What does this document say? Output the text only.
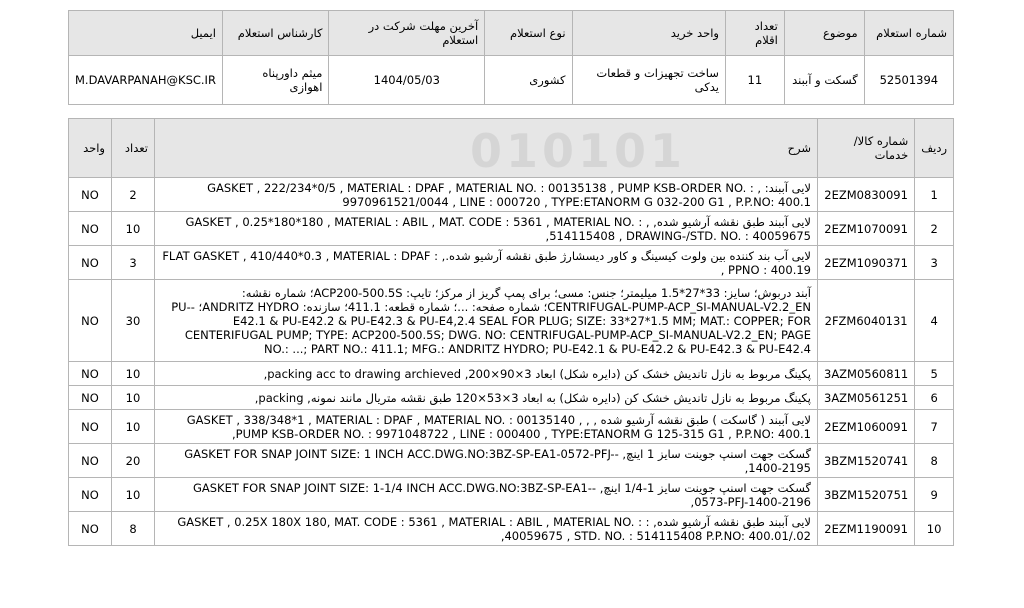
شماره استعلام	موضوع	تعداد اقلام	واحد خرید	نوع استعلام	آخرین مهلت شرکت در استعلام	کارشناس استعلام	ایمیل
52501394	گسکت و آببند	11	ساخت تجهیزات و قطعات یدکی	کشوری	1404/05/03	میثم داورپناه اهوازی	M.DAVARPANAH@KSC.IR
ردیف	شماره کالا/خدمات	شرح	تعداد	واحد
1	2EZM0830091	لایی آببند: , GASKET , 222/234*0/5 , MATERIAL : DPAF , MATERIAL NO. : 00135138 , PUMP KSB-ORDER NO. : 9970961521/0044 , LINE : 000720 , TYPE:ETANORM G 032-200 G1 , P.P.NO: 400.1	2	NO
2	2EZM1070091	لایی آببند طبق نقشه آرشیو شده, , GASKET , 0.25*180*180 , MATERIAL : ABIL , MAT. CODE : 5361 , MATERIAL NO. : 514115408 , DRAWING-/STD. NO. : 40059675,	10	NO
3	2EZM1090371	لایی آب بند کننده بین ولوت کیسینگ و کاور دیسشارژ طبق نقشه آرشیو شده., : FLAT GASKET , 410/440*0.3 , MATERIAL : DPAF , PPNO : 400.19	3	NO
4	2FZM6040131	آبند دربوش؛ سایز: 33*27*1.5 میلیمتر؛ جنس: مسی؛ برای پمپ گریز از مرکز؛ تایپ: ACP200-500.5S؛ شماره نقشه: CENTRIFUGAL-PUMP-ACP_SI-MANUAL-V2.2_EN؛ شماره صفحه: ...؛ شماره قطعه: 411.1؛ سازنده: ANDRITZ HYDRO؛ -PU-E42.1 & PU-E42.2 & PU-E42.3 & PU-E4,2.4 SEAL FOR PLUG; SIZE: 33*27*1.5 MM; MAT.: COPPER; FOR CENTERIFUGAL PUMP; TYPE: ACP200-500.5S; DWG. NO: CENTRIFUGAL-PUMP-ACP_SI-MANUAL-V2.2_EN; PAGE NO.: ...; PART NO.: 411.1; MFG.: ANDRITZ HYDRO; PU-E42.1 & PU-E42.2 & PU-E42.3 & PU-E42.4	30	NO
5	3AZM0560811	پکینگ مربوط به نازل تاندیش خشک کن (دایره شکل) ابعاد 3×90×200, packing acc to drawing archieved,	10	NO
6	3AZM0561251	پکینگ مربوط به نازل تاندیش خشک کن (دایره شکل) به ابعاد 3×53×120 طبق نقشه متریال مانند نمونه, packing,	10	NO
7	2EZM1060091	لایی آببند ( گاسکت ) طبق نقشه آرشیو شده , , GASKET , 338/348*1 , MATERIAL : DPAF , MATERIAL NO. : 00135140 , PUMP KSB-ORDER NO. : 9971048722 , LINE : 000400 , TYPE:ETANORM G 125-315 G1 , P.P.NO: 400.1,	10	NO
8	3BZM1520741	گسکت جهت اسنپ جوینت سایز 1 اینچ, -GASKET FOR SNAP JOINT SIZE: 1 INCH ACC.DWG.NO:3BZ-SP-EA1-0572-PFJ-1400-2195,	20	NO
9	3BZM1520751	گسکت جهت اسنپ جوینت سایز 1-1/4 اینچ, -GASKET FOR SNAP JOINT SIZE: 1-1/4 INCH ACC.DWG.NO:3BZ-SP-EA1-0573-PFJ-1400-2196,	10	NO
10	2EZM1190091	لایی آببند طبق نقشه آرشیو شده, : GASKET , 0.25X 180X 180, MAT. CODE : 5361 , MATERIAL : ABIL , MATERIAL NO. : 40059675 , STD. NO. : 514115408 P.P.NO: 400.01/.02,	8	NO
